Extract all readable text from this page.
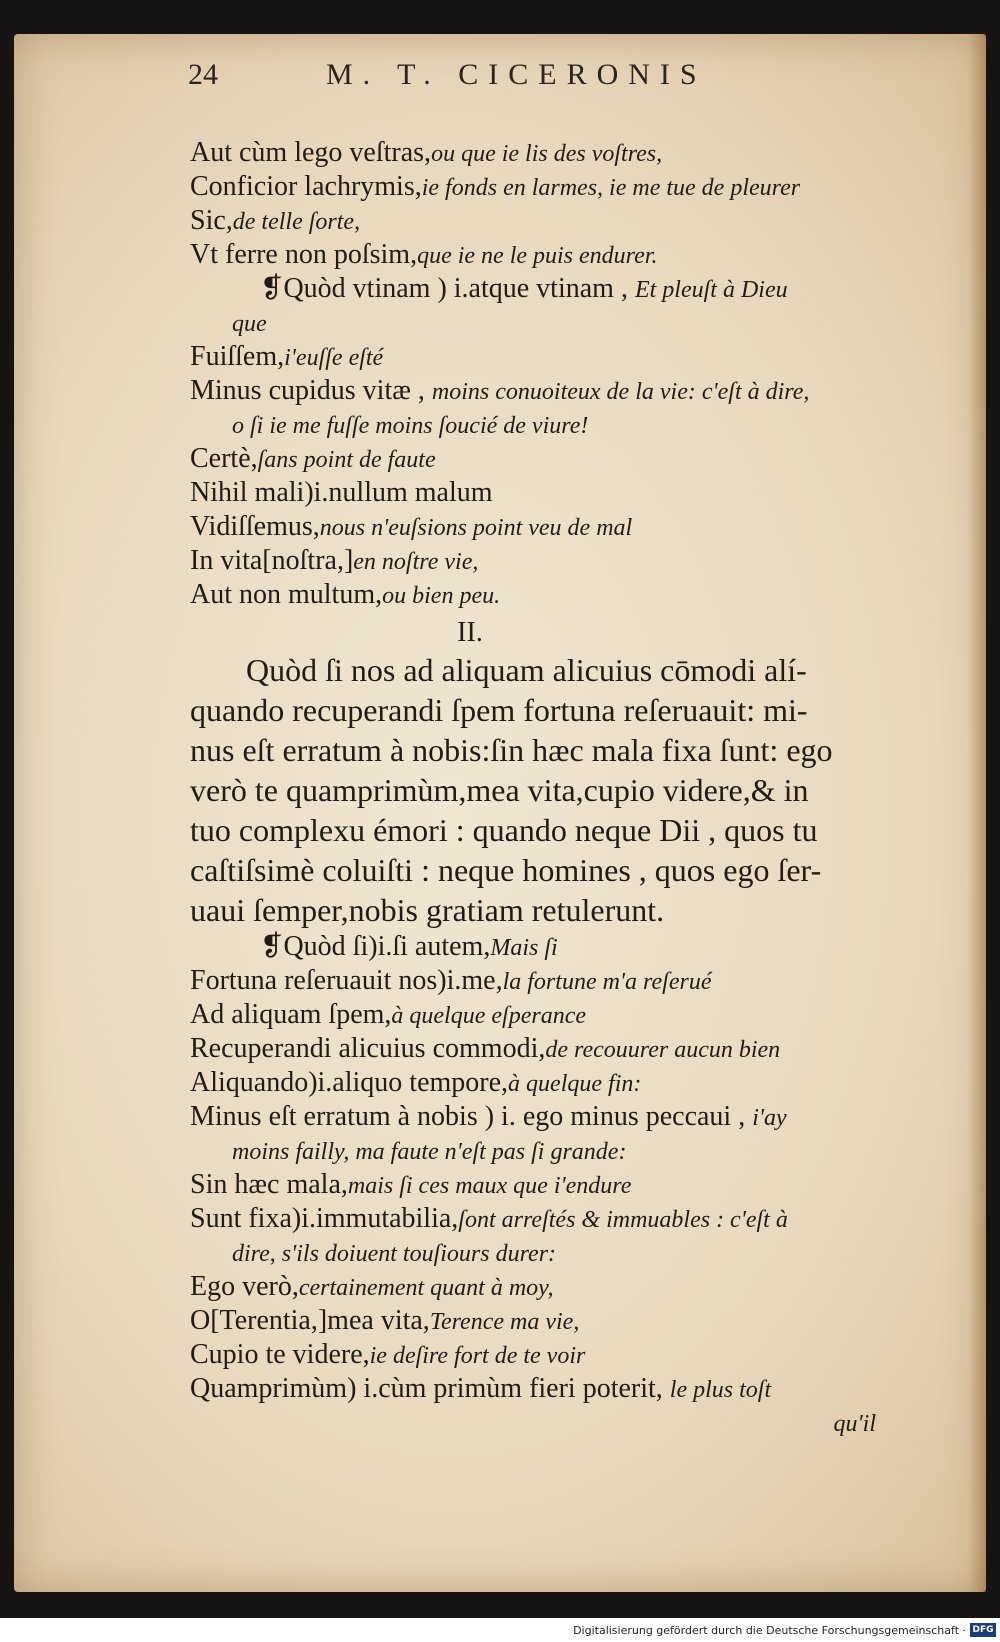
24	M. T. CICERONIS
Aut cùm lego veſtras,ou que ie lis des voſtres,
Conficior lachrymis,ie fonds en larmes, ie me tue de pleurer
Sic,de telle ſorte,
Vt ferre non poſsim,que ie ne le puis endurer.
❡Quòd vtinam ) i.atque vtinam , Et pleuſt à Dieu
que
Fuiſſem,i'euſſe eſté
Minus cupidus vitæ , moins conuoiteux de la vie: c'eſt à dire,
o ſi ie me fuſſe moins ſoucié de viure!
Certè,ſans point de faute
Nihil mali)i.nullum malum
Vidiſſemus,nous n'euſsions point veu de mal
In vita[noſtra,]en noſtre vie,
Aut non multum,ou bien peu.
II.
Quòd ſi nos ad aliquam alicuius cōmodi alí-
quando recuperandi ſpem fortuna reſeruauit: mi-
nus eſt erratum à nobis:ſin hæc mala fixa ſunt: ego
verò te quamprimùm,mea vita,cupio videre,& in
tuo complexu émori : quando neque Dii , quos tu
caſtiſsimè coluiſti : neque homines , quos ego ſer-
uaui ſemper,nobis gratiam retulerunt.
❡Quòd ſi)i.ſi autem,Mais ſi
Fortuna reſeruauit nos)i.me,la fortune m'a reſerué
Ad aliquam ſpem,à quelque eſperance
Recuperandi alicuius commodi,de recouurer aucun bien
Aliquando)i.aliquo tempore,à quelque fin:
Minus eſt erratum à nobis ) i. ego minus peccaui , i'ay
moins failly, ma faute n'eſt pas ſi grande:
Sin hæc mala,mais ſi ces maux que i'endure
Sunt fixa)i.immutabilia,ſont arreſtés & immuables : c'eſt à
dire, s'ils doiuent touſiours durer:
Ego verò,certainement quant à moy,
O[Terentia,]mea vita,Terence ma vie,
Cupio te videre,ie deſire fort de te voir
Quamprimùm) i.cùm primùm fieri poterit, le plus toſt
qu'il
Digitalisierung gefördert durch die Deutsche Forschungsgemeinschaft · DFG
